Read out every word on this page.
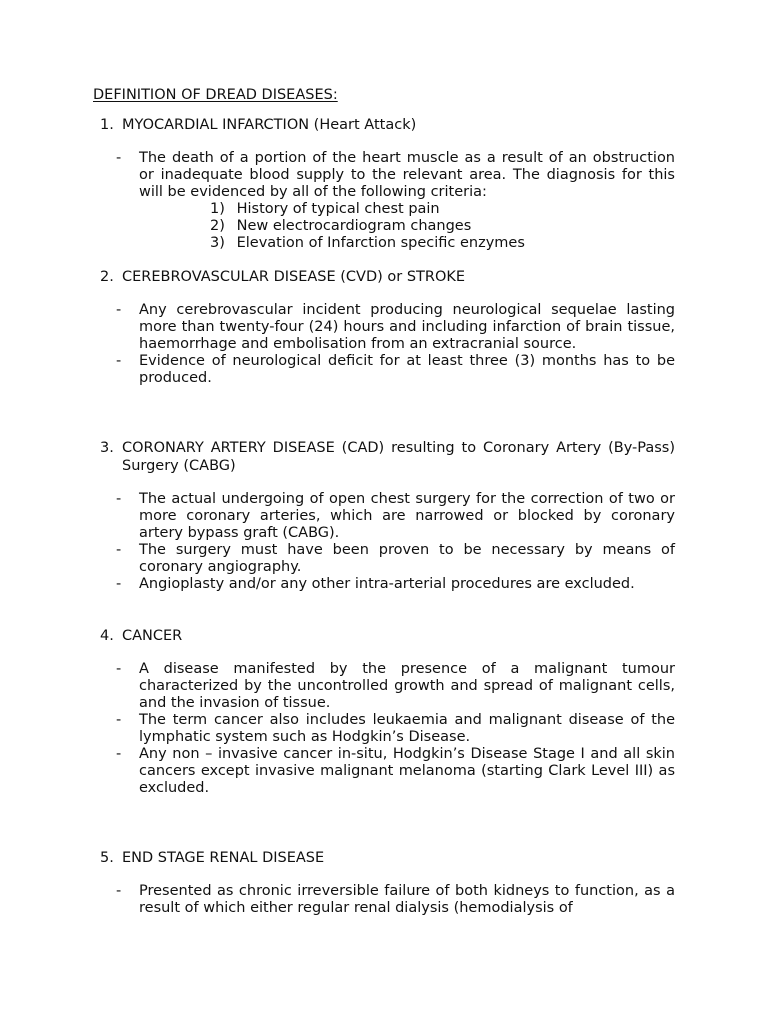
DEFINITION OF DREAD DISEASES:
1. MYOCARDIAL INFARCTION (Heart Attack)
-	The death of a portion of the heart muscle as a result of an obstruction or inadequate blood supply to the relevant area. The diagnosis for this will be evidenced by all of the following criteria:
1) History of typical chest pain
2) New electrocardiogram changes
3) Elevation of Infarction specific enzymes
2. CEREBROVASCULAR DISEASE (CVD) or STROKE
-	Any cerebrovascular incident producing neurological sequelae lasting more than twenty-four (24) hours and including infarction of brain tissue, haemorrhage and embolisation from an extracranial source.
-	Evidence of neurological deficit for at least three (3) months has to be produced.
3. CORONARY ARTERY DISEASE (CAD) resulting to Coronary Artery (By-Pass) Surgery (CABG)
-	The actual undergoing of open chest surgery for the correction of two or more coronary arteries, which are narrowed or blocked by coronary artery bypass graft (CABG).
-	The surgery must have been proven to be necessary by means of coronary angiography.
-	Angioplasty and/or any other intra-arterial procedures are excluded.
4. CANCER
-	A disease manifested by the presence of a malignant tumour characterized by the uncontrolled growth and spread of malignant cells, and the invasion of tissue.
-	The term cancer also includes leukaemia and malignant disease of the lymphatic system such as Hodgkin’s Disease.
-	Any non – invasive cancer in-situ, Hodgkin’s Disease Stage I and all skin cancers except invasive malignant melanoma (starting Clark Level III) as excluded.
5. END STAGE RENAL DISEASE
-	Presented as chronic irreversible failure of both kidneys to function, as a result of which either regular renal dialysis (hemodialysis of
